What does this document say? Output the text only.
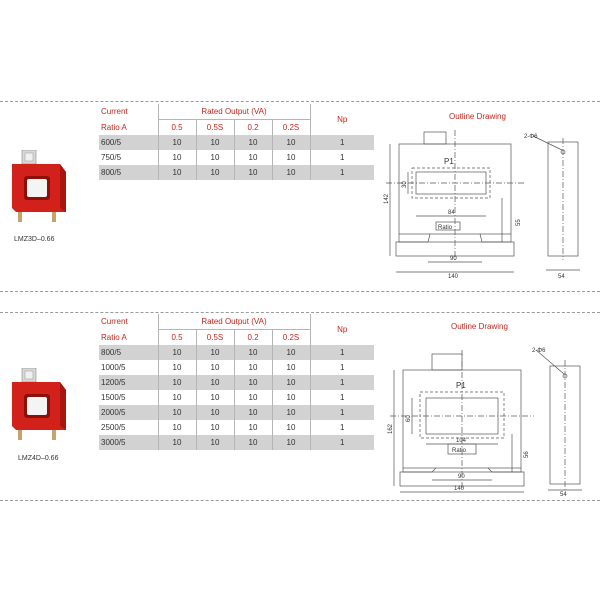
LMZ3D–0.66
Current	Rated Output (VA)				Np
Ratio A	0.5	0.5S	0.2	0.2S	
600/5	10	10	10	10	1
750/5	10	10	10	10	1
800/5	10	10	10	10	1
Outline Drawing
P1
Ratio
142
30
84
55
90
140	54
2-Φ6
LMZ4D–0.66
Current	Rated Output (VA)				Np
Ratio A	0.5	0.5S	0.2	0.2S	
800/5	10	10	10	10	1
1000/5	10	10	10	10	1
1200/5	10	10	10	10	1
1500/5	10	10	10	10	1
2000/5	10	10	10	10	1
2500/5	10	10	10	10	1
3000/5	10	10	10	10	1
Outline Drawing
P1
Ratio
162
60
104
56
90
140
54
2-Φ6
